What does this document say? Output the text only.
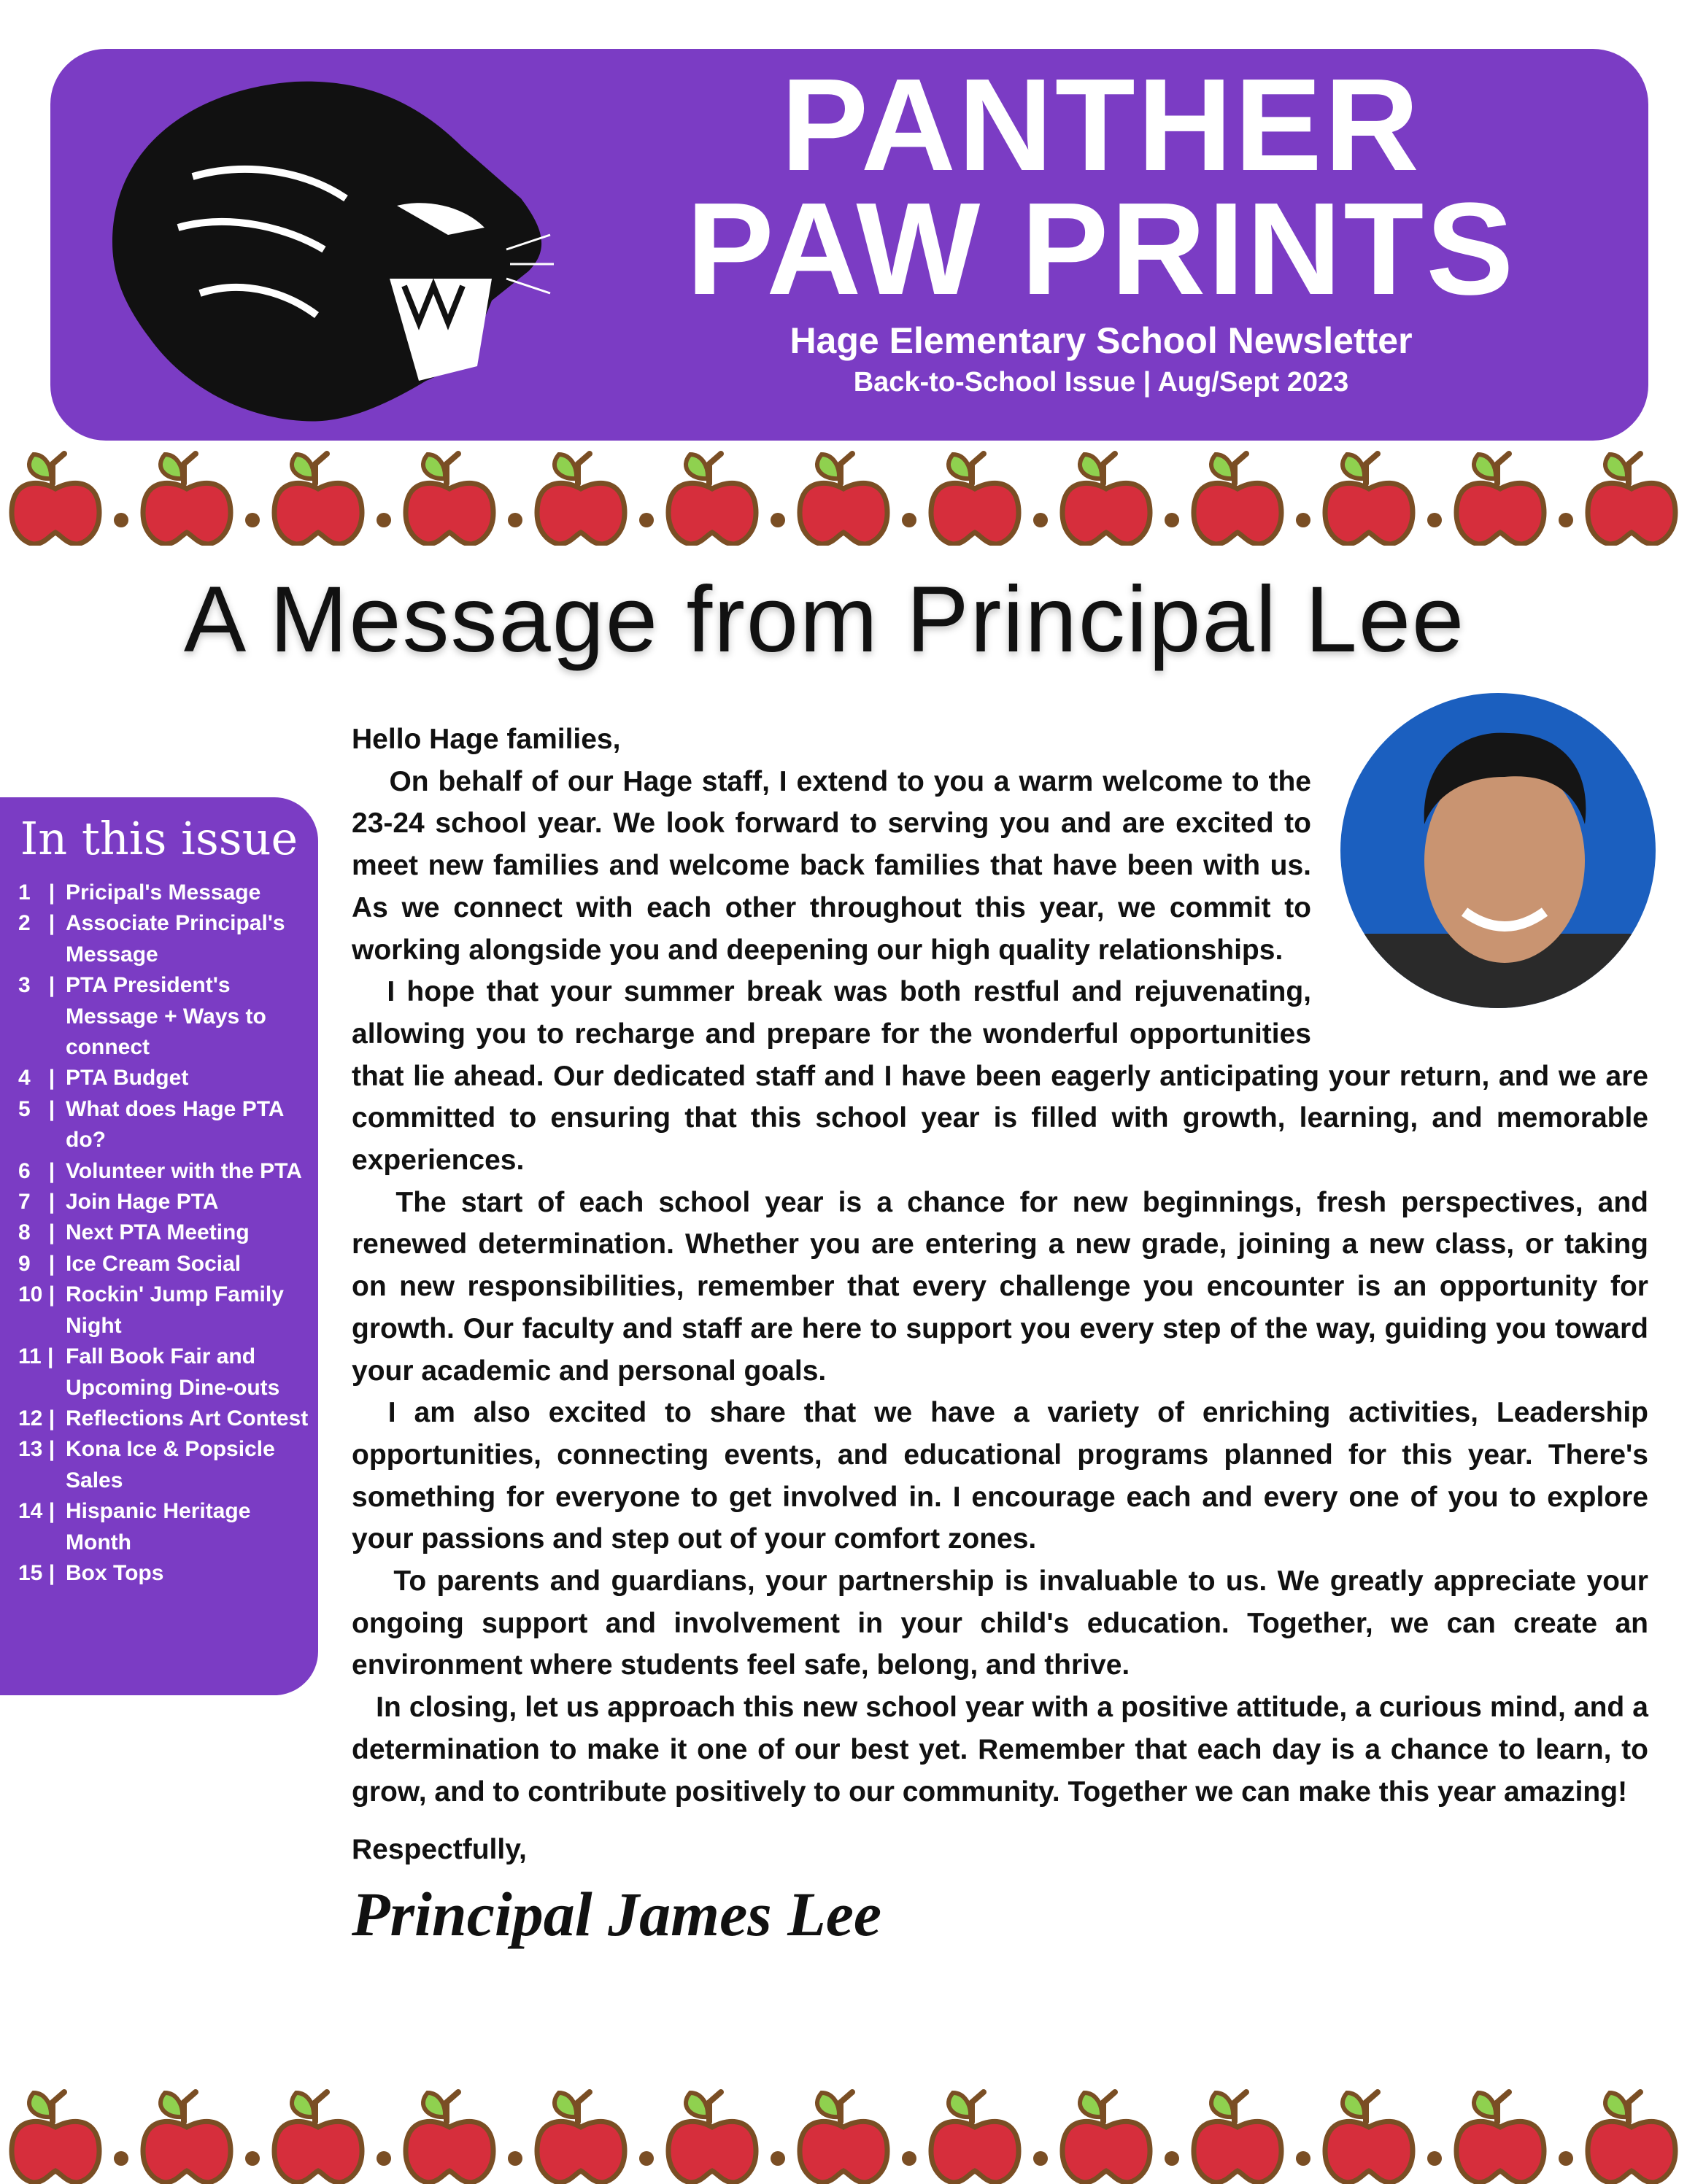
PANTHER
PAW PRINTS
Hage Elementary School Newsletter
Back-to-School Issue | Aug/Sept 2023
A Message from Principal Lee
In this issue
1   | Pricipal's Message
2   | Associate Principal's Message
3   | PTA President's Message + Ways to connect
4   | PTA Budget
5   | What does Hage PTA do?
6   | Volunteer with the PTA
7   | Join Hage PTA
8   | Next PTA Meeting
9   | Ice Cream Social
10 | Rockin' Jump Family Night
11 | Fall Book Fair and Upcoming Dine-outs
12 | Reflections Art Contest
13 | Kona Ice & Popsicle Sales
14 | Hispanic Heritage Month
15 | Box Tops

Hello Hage families,

On behalf of our Hage staff, I extend to you a warm welcome to the 23-24 school year. We look forward to serving you and are excited to meet new families and welcome back families that have been with us. As we connect with each other throughout this year, we commit to working alongside you and deepening our high quality relationships.

I hope that your summer break was both restful and rejuvenating, allowing you to recharge and prepare for the wonderful opportunities that lie ahead. Our dedicated staff and I have been eagerly anticipating your return, and we are committed to ensuring that this school year is filled with growth, learning, and memorable experiences.

The start of each school year is a chance for new beginnings, fresh perspectives, and renewed determination. Whether you are entering a new grade, joining a new class, or taking on new responsibilities, remember that every challenge you encounter is an opportunity for growth. Our faculty and staff are here to support you every step of the way, guiding you toward your academic and personal goals.

I am also excited to share that we have a variety of enriching activities, Leadership opportunities, connecting events, and educational programs planned for this year. There's something for everyone to get involved in. I encourage each and every one of you to explore your passions and step out of your comfort zones.

To parents and guardians, your partnership is invaluable to us. We greatly appreciate your ongoing support and involvement in your child's education. Together, we can create an environment where students feel safe, belong, and thrive.

In closing, let us approach this new school year with a positive attitude, a curious mind, and a determination to make it one of our best yet. Remember that each day is a chance to learn, to grow, and to contribute positively to our community. Together we can make this year amazing!

Respectfully,
Principal James Lee
